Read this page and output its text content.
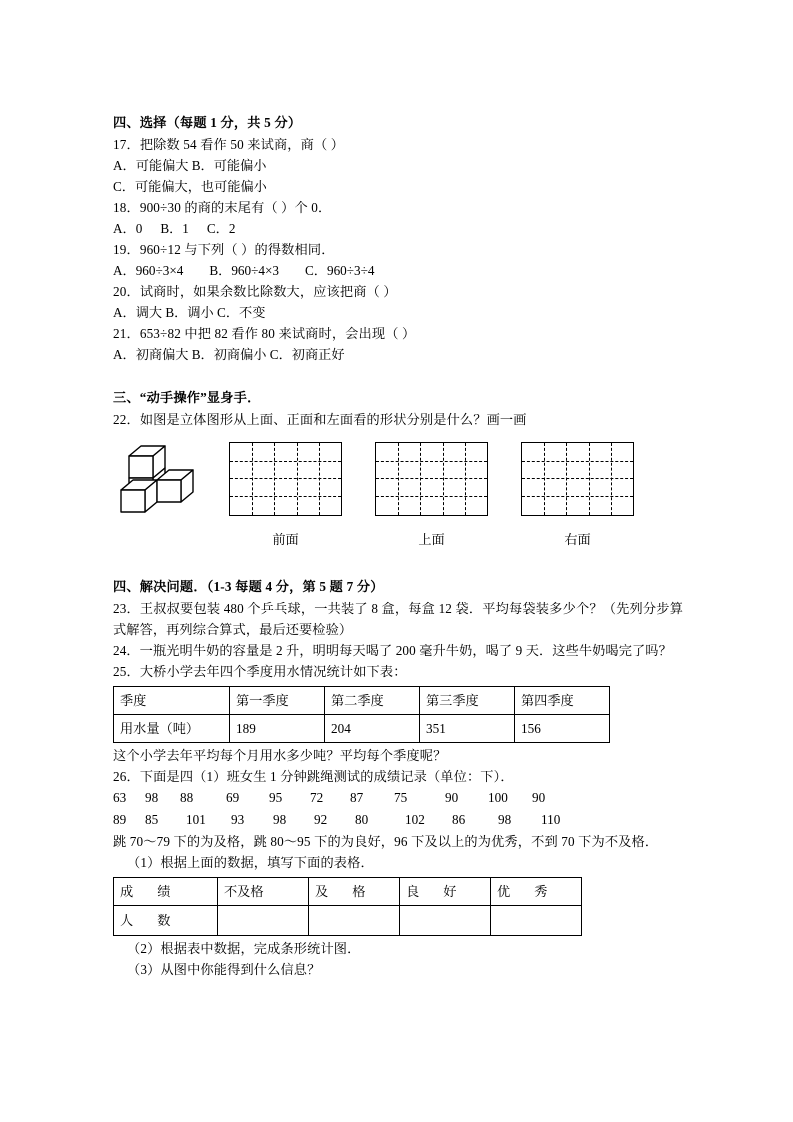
四、选择（每题 1 分，共 5 分）

17．把除数 54 看作 50 来试商，商（ ）

A．可能偏大 B．可能偏小

C．可能偏大，也可能偏小

18．900÷30 的商的末尾有（ ）个 0．

A．0 B．1 C．2

19．960÷12 与下列（ ）的得数相同．

A．960÷3×4 B．960÷4×3 C．960÷3÷4

20．试商时，如果余数比除数大，应该把商（ ）

A．调大 B．调小 C．不变

21．653÷82 中把 82 看作 80 来试商时，会出现（ ）

A．初商偏大 B．初商偏小 C．初商正好

三、“动手操作”显身手．

22．如图是立体图形从上面、正面和左面看的形状分别是什么？画一画

前面	上面	右面
四、解决问题．（1-3 每题 4 分，第 5 题 7 分）

23．王叔叔要包装 480 个乒乓球，一共装了 8 盒，每盒 12 袋．平均每袋装多少个？（先列分步算式解答，再列综合算式，最后还要检验）

24．一瓶光明牛奶的容量是 2 升，明明每天喝了 200 毫升牛奶，喝了 9 天．这些牛奶喝完了吗？

25．大桥小学去年四个季度用水情况统计如下表：

季度	第一季度	第二季度	第三季度	第四季度
用水量（吨）	189	204	351	156

这个小学去年平均每个月用水多少吨？平均每个季度呢？

26．下面是四（1）班女生 1 分钟跳绳测试的成绩记录（单位：下）．

63 98 88 69 95 72 87 75	90 100 90

89 85 101 93 98 92 80	102 86 98 110

跳 70～79 下的为及格，跳 80～95 下的为良好，96 下及以上的为优秀，不到 70 下为不及格．

（1）根据上面的数据，填写下面的表格．

成 绩	不及格	及 格	良 好	优 秀
人 数				

（2）根据表中数据，完成条形统计图．

（3）从图中你能得到什么信息？
